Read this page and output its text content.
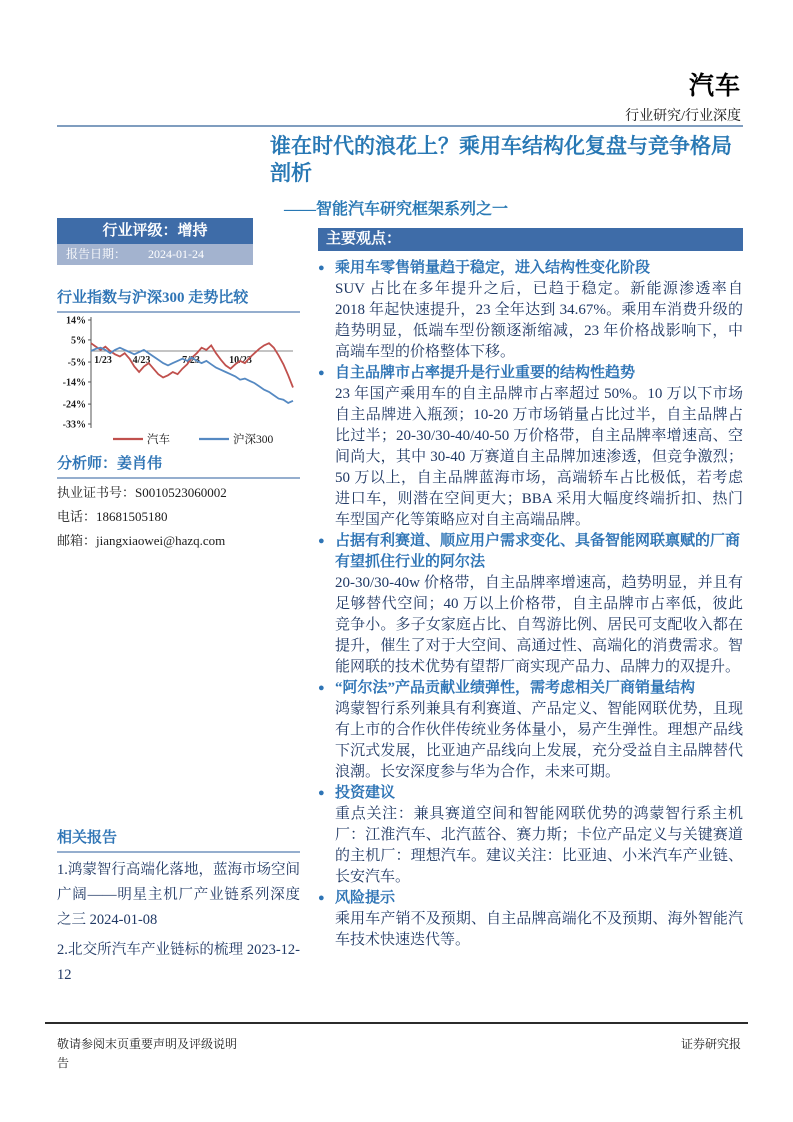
汽车
行业研究/行业深度
谁在时代的浪花上？乘用车结构化复盘与竞争格局剖析
——智能汽车研究框架系列之一
行业评级：增持
报告日期： 2024-01-24
行业指数与沪深300 走势比较
14%
5%
-5%
-14%
-24%
-33%
1/23 4/23	7/23	10/23
汽车	沪深300
分析师：姜肖伟
执业证书号：S0010523060002
电话：18681505180
邮箱：jiangxiaowei@hazq.com
相关报告
1.鸿蒙智行高端化落地，蓝海市场空间广阔——明星主机厂产业链系列深度之三 2024-01-08
2.北交所汽车产业链标的梳理 2023-12-12
主要观点：
● 乘用车零售销量趋于稳定，进入结构性变化阶段
SUV 占比在多年提升之后，已趋于稳定。新能源渗透率自 2018 年起快速提升，23 全年达到 34.67%。乘用车消费升级的趋势明显，低端车型份额逐渐缩减，23 年价格战影响下，中高端车型的价格整体下移。
● 自主品牌市占率提升是行业重要的结构性趋势
23 年国产乘用车的自主品牌市占率超过 50%。10 万以下市场自主品牌进入瓶颈；10-20 万市场销量占比过半，自主品牌占比过半；20-30/30-40/40-50 万价格带，自主品牌率增速高、空间尚大，其中 30-40 万赛道自主品牌加速渗透，但竞争激烈；50 万以上，自主品牌蓝海市场，高端轿车占比极低，若考虑进口车，则潜在空间更大；BBA 采用大幅度终端折扣、热门车型国产化等策略应对自主高端品牌。
● 占据有利赛道、顺应用户需求变化、具备智能网联禀赋的厂商有望抓住行业的阿尔法
20-30/30-40w 价格带，自主品牌率增速高，趋势明显，并且有足够替代空间；40 万以上价格带，自主品牌市占率低，彼此竞争小。多子女家庭占比、自驾游比例、居民可支配收入都在提升，催生了对于大空间、高通过性、高端化的消费需求。智能网联的技术优势有望帮厂商实现产品力、品牌力的双提升。
● “阿尔法”产品贡献业绩弹性，需考虑相关厂商销量结构
鸿蒙智行系列兼具有利赛道、产品定义、智能网联优势，且现有上市的合作伙伴传统业务体量小，易产生弹性。理想产品线下沉式发展，比亚迪产品线向上发展，充分受益自主品牌替代浪潮。长安深度参与华为合作，未来可期。
● 投资建议
重点关注：兼具赛道空间和智能网联优势的鸿蒙智行系主机厂：江淮汽车、北汽蓝谷、赛力斯；卡位产品定义与关键赛道的主机厂：理想汽车。建议关注：比亚迪、小米汽车产业链、长安汽车。
● 风险提示
乘用车产销不及预期、自主品牌高端化不及预期、海外智能汽车技术快速迭代等。
敬请参阅末页重要声明及评级说明
告
证券研究报
